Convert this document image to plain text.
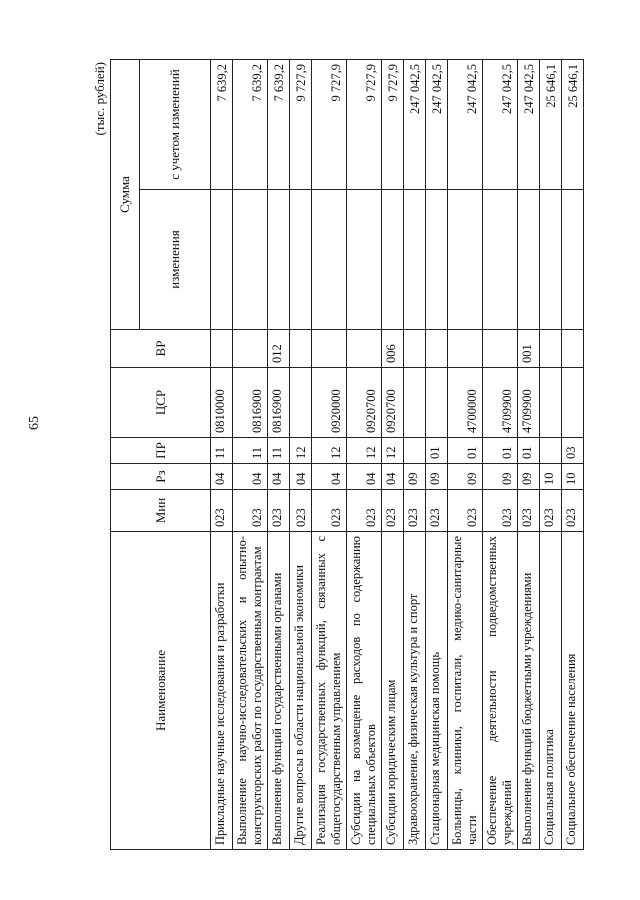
65
(тыс. рублей)
Наименование	Мин	Рз	ПР	ЦСР	ВР	Сумма	
						изменения	с учетом изменений
Прикладные научные исследования и разработки	023	04	11	0810000			7 639,2
Выполнение научно-исследовательских и опытно-конструкторских работ по государственным контрактам	023	04	11	0816900			7 639,2
Выполнение функций государственными органами	023	04	11	0816900	012		7 639,2
Другие вопросы в области национальной экономики	023	04	12				9 727,9
Реализация государственных функций, связанных с общегосударственным управлением	023	04	12	0920000			9 727,9
Субсидии на возмещение расходов по содержанию специальных объектов	023	04	12	0920700			9 727,9
Субсидии юридическим лицам	023	04	12	0920700	006		9 727,9
Здравоохранение, физическая культура и спорт	023	09					247 042,5
Стационарная медицинская помощь	023	09	01				247 042,5
Больницы, клиники, госпитали, медико-санитарные части	023	09	01	4700000			247 042,5
Обеспечение деятельности подведомственных учреждений	023	09	01	4709900			247 042,5
Выполнение функций бюджетными учреждениями	023	09	01	4709900	001		247 042,5
Социальная политика	023	10					25 646,1
Социальное обеспечение населения	023	10	03				25 646,1
